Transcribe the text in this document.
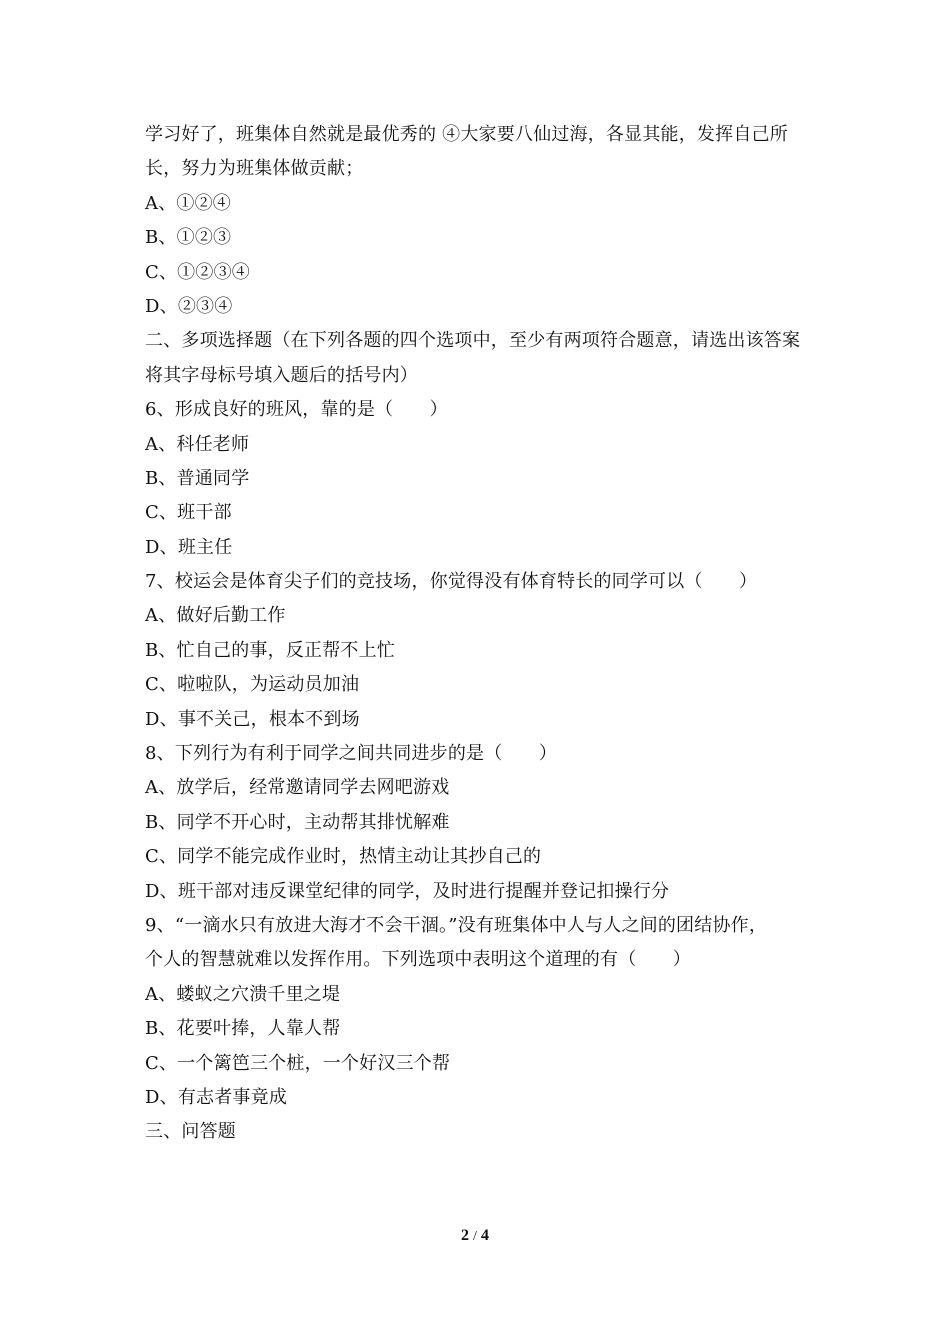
学习好了，班集体自然就是最优秀的 ④大家要八仙过海，各显其能，发挥自己所
长，努力为班集体做贡献；
A、①②④
B、①②③
C、①②③④
D、②③④
二、多项选择题（在下列各题的四个选项中，至少有两项符合题意，请选出该答案
将其字母标号填入题后的括号内）
6、形成良好的班风，靠的是（　　）
A、科任老师
B、普通同学
C、班干部
D、班主任
7、校运会是体育尖子们的竞技场，你觉得没有体育特长的同学可以（　　）
A、做好后勤工作
B、忙自己的事，反正帮不上忙
C、啦啦队，为运动员加油
D、事不关己，根本不到场
8、下列行为有利于同学之间共同进步的是（　　）
A、放学后，经常邀请同学去网吧游戏
B、同学不开心时，主动帮其排忧解难
C、同学不能完成作业时，热情主动让其抄自己的
D、班干部对违反课堂纪律的同学，及时进行提醒并登记扣操行分
9、“一滴水只有放进大海才不会干涸。”没有班集体中人与人之间的团结协作，
个人的智慧就难以发挥作用。下列选项中表明这个道理的有（　　）
A、蝼蚁之穴溃千里之堤
B、花要叶捧，人靠人帮
C、一个篱笆三个桩，一个好汉三个帮
D、有志者事竟成
三、问答题
2 / 4
